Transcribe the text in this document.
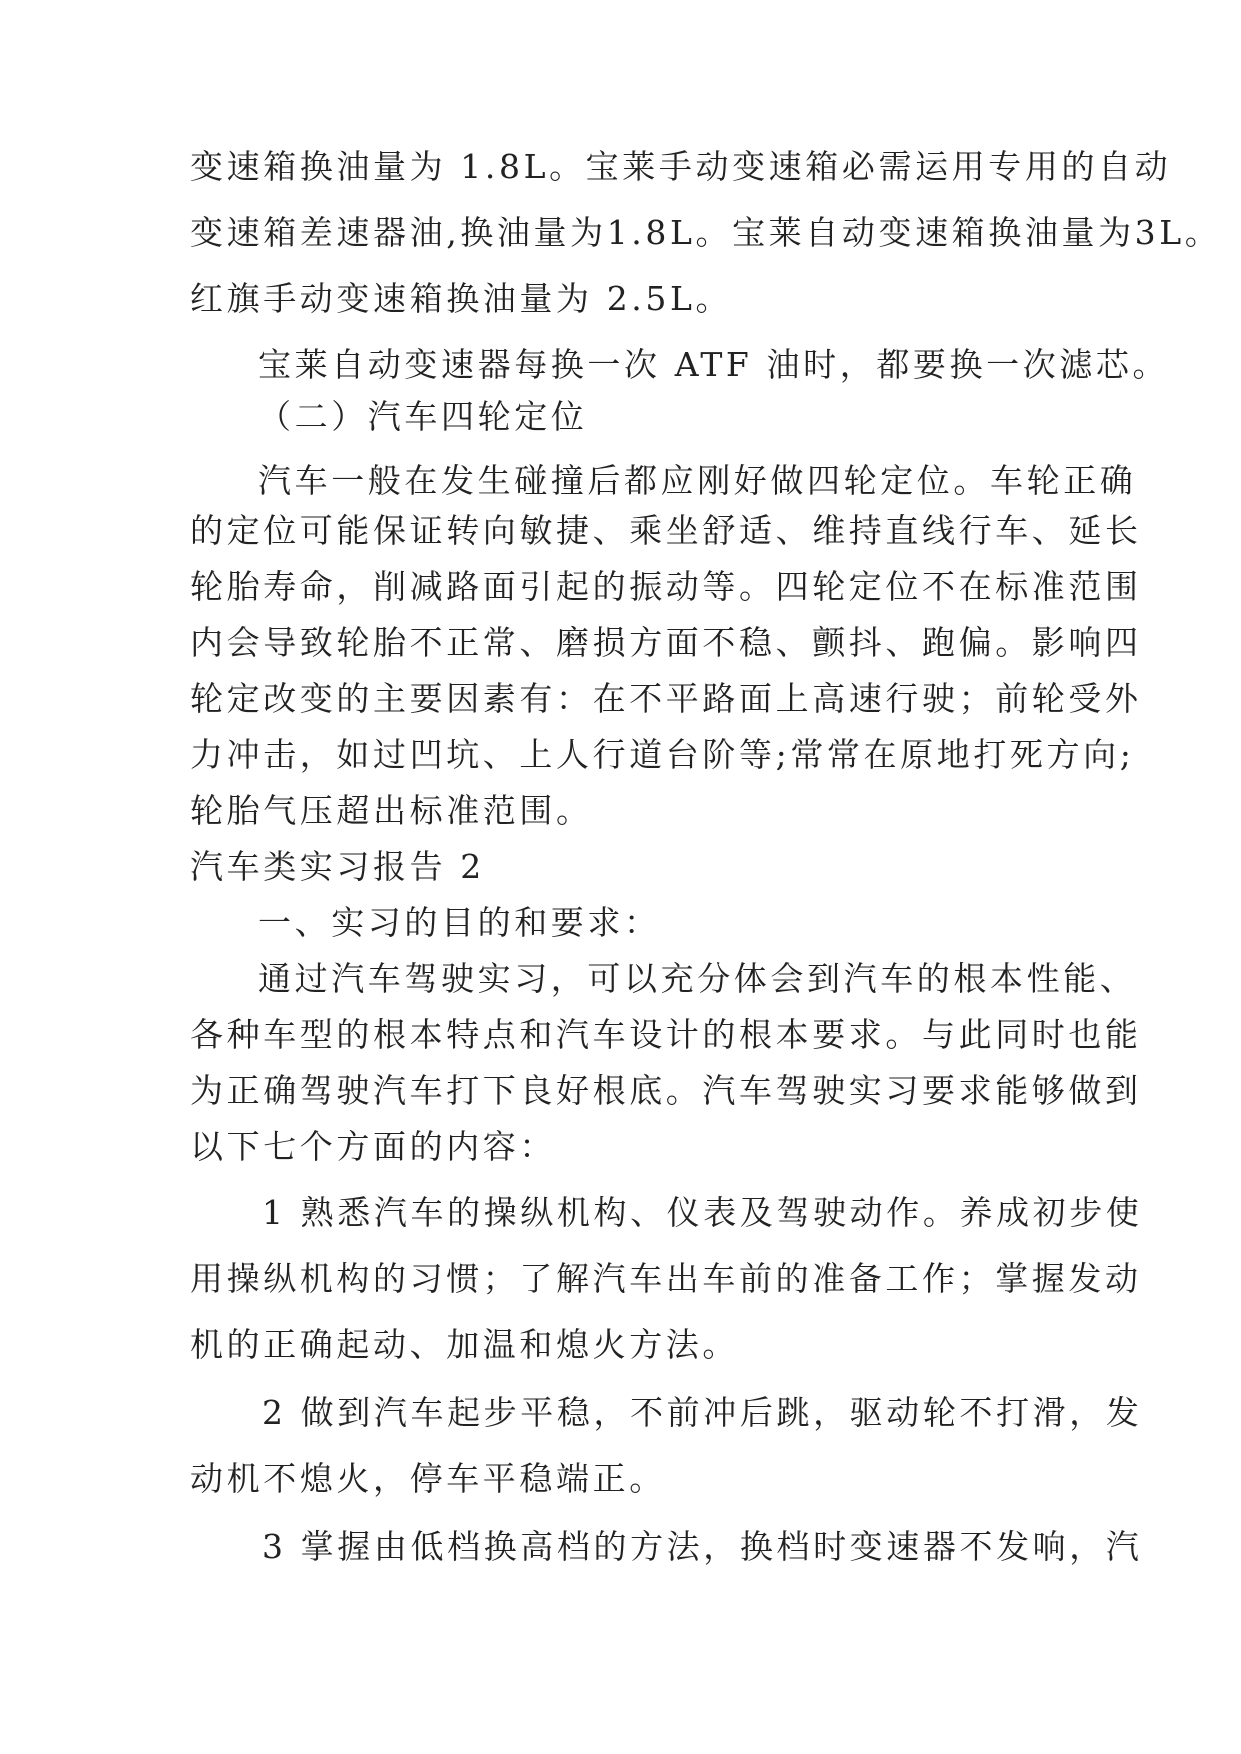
变速箱换油量为 1.8L。宝莱手动变速箱必需运用专用的自动

变速箱差速器油,换油量为1.8L。宝莱自动变速箱换油量为3L。

红旗手动变速箱换油量为 2.5L。

宝莱自动变速器每换一次 ATF 油时，都要换一次滤芯。

（二）汽车四轮定位

汽车一般在发生碰撞后都应刚好做四轮定位。车轮正确

的定位可能保证转向敏捷、乘坐舒适、维持直线行车、延长

轮胎寿命，削减路面引起的振动等。四轮定位不在标准范围

内会导致轮胎不正常、磨损方面不稳、颤抖、跑偏。影响四

轮定改变的主要因素有：在不平路面上高速行驶；前轮受外

力冲击，如过凹坑、上人行道台阶等;常常在原地打死方向;

轮胎气压超出标准范围。

汽车类实习报告 2

一、实习的目的和要求：

通过汽车驾驶实习，可以充分体会到汽车的根本性能、

各种车型的根本特点和汽车设计的根本要求。与此同时也能

为正确驾驶汽车打下良好根底。汽车驾驶实习要求能够做到

以下七个方面的内容：

1 熟悉汽车的操纵机构、仪表及驾驶动作。养成初步使

用操纵机构的习惯；了解汽车出车前的准备工作；掌握发动

机的正确起动、加温和熄火方法。

2 做到汽车起步平稳，不前冲后跳，驱动轮不打滑，发

动机不熄火，停车平稳端正。

3 掌握由低档换高档的方法，换档时变速器不发响，汽
